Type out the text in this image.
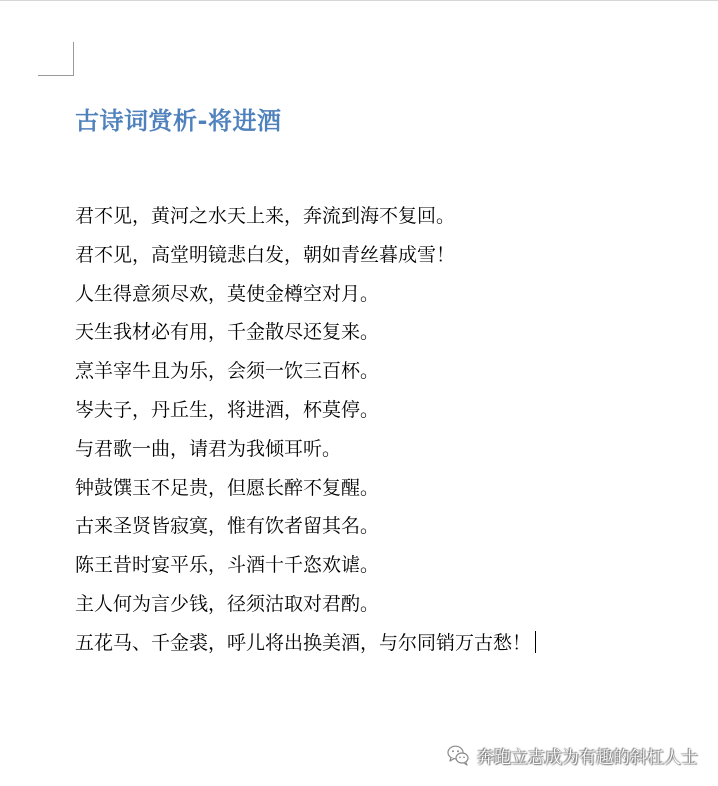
古诗词赏析-将进酒
君不见，黄河之水天上来，奔流到海不复回。
君不见，高堂明镜悲白发，朝如青丝暮成雪！
人生得意须尽欢，莫使金樽空对月。
天生我材必有用，千金散尽还复来。
烹羊宰牛且为乐，会须一饮三百杯。
岑夫子，丹丘生，将进酒，杯莫停。
与君歌一曲，请君为我倾耳听。
钟鼓馔玉不足贵，但愿长醉不复醒。
古来圣贤皆寂寞，惟有饮者留其名。
陈王昔时宴平乐，斗酒十千恣欢谑。
主人何为言少钱，径须沽取对君酌。
五花马、千金裘，呼儿将出换美酒，与尔同销万古愁！
奔跑立志成为有趣的斜杠人士
